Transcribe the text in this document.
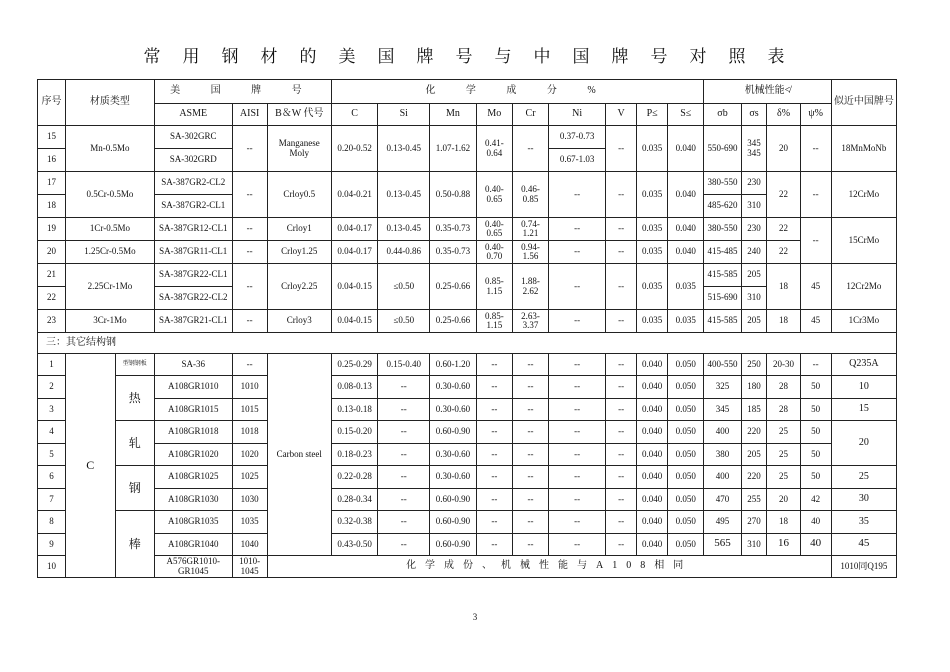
常用钢材的美国牌号与中国牌号对照表
序号	材质类型		美 国 牌 号			化 学 成 分 %									机械性能≮				似近中国牌号
			ASME	AISI	B＆W 代号	C	Si	Mn	Mo	Cr	Ni	V	P≤	S≤	σb	σs	δ%	ψ%	
15	Mn-0.5Mo		SA-302GRC	--	Manganese Moly	0.20-0.52	0.13-0.45	1.07-1.62	0.41-0.64	--	0.37-0.73	--	0.035	0.040	550-690	345 345	20	--	18MnMoNb
16			SA-302GRD								0.67-1.03								
17	0.5Cr-0.5Mo		SA-387GR2-CL2	--	Crloy0.5	0.04-0.21	0.13-0.45	0.50-0.88	0.40-0.65	0.46-0.85	--	--	0.035	0.040	380-550	230	22	--	12CrMo
18			SA-387GR2-CL1												485-620	310			
19	1Cr-0.5Mo		SA-387GR12-CL1	--	Crloy1	0.04-0.17	0.13-0.45	0.35-0.73	0.40-0.65	0.74-1.21	--	--	0.035	0.040	380-550	230	22	--	15CrMo
20	1.25Cr-0.5Mo		SA-387GR11-CL1	--	Crloy1.25	0.04-0.17	0.44-0.86	0.35-0.73	0.40-0.70	0.94-1.56	--	--	0.035	0.040	415-485	240	22		
21	2.25Cr-1Mo		SA-387GR22-CL1	--	Crloy2.25	0.04-0.15	≤0.50	0.25-0.66	0.85-1.15	1.88-2.62	--	--	0.035	0.035	415-585	205	18	45	12Cr2Mo
22			SA-387GR22-CL2												515-690	310			
23	3Cr-1Mo		SA-387GR21-CL1	--	Crloy3	0.04-0.15	≤0.50	0.25-0.66	0.85-1.15	2.63-3.37	--	--	0.035	0.035	415-585	205	18	45	1Cr3Mo
三：其它结构钢																			
1	C	型钢钢板	SA-36	--	Carbon steel	0.25-0.29	0.15-0.40	0.60-1.20	--	--	--	--	0.040	0.050	400-550	250	20-30	--	Q235A
2		热	A108GR1010	1010		0.08-0.13	--	0.30-0.60	--	--	--	--	0.040	0.050	325	180	28	50	10
3			A108GR1015	1015		0.13-0.18	--	0.30-0.60	--	--	--	--	0.040	0.050	345	185	28	50	15
4		轧	A108GR1018	1018		0.15-0.20	--	0.60-0.90	--	--	--	--	0.040	0.050	400	220	25	50	20
5			A108GR1020	1020		0.18-0.23	--	0.30-0.60	--	--	--	--	0.040	0.050	380	205	25	50	
6		钢	A108GR1025	1025		0.22-0.28	--	0.30-0.60	--	--	--	--	0.040	0.050	400	220	25	50	25
7			A108GR1030	1030		0.28-0.34	--	0.60-0.90	--	--	--	--	0.040	0.050	470	255	20	42	30
8		棒	A108GR1035	1035		0.32-0.38	--	0.60-0.90	--	--	--	--	0.040	0.050	495	270	18	40	35
9			A108GR1040	1040		0.43-0.50	--	0.60-0.90	--	--	--	--	0.040	0.050	565	310	16	40	45
10			A576GR1010-GR1045	1010-1045	化学成份、机械性能与A108相同														1010同Q195
3
